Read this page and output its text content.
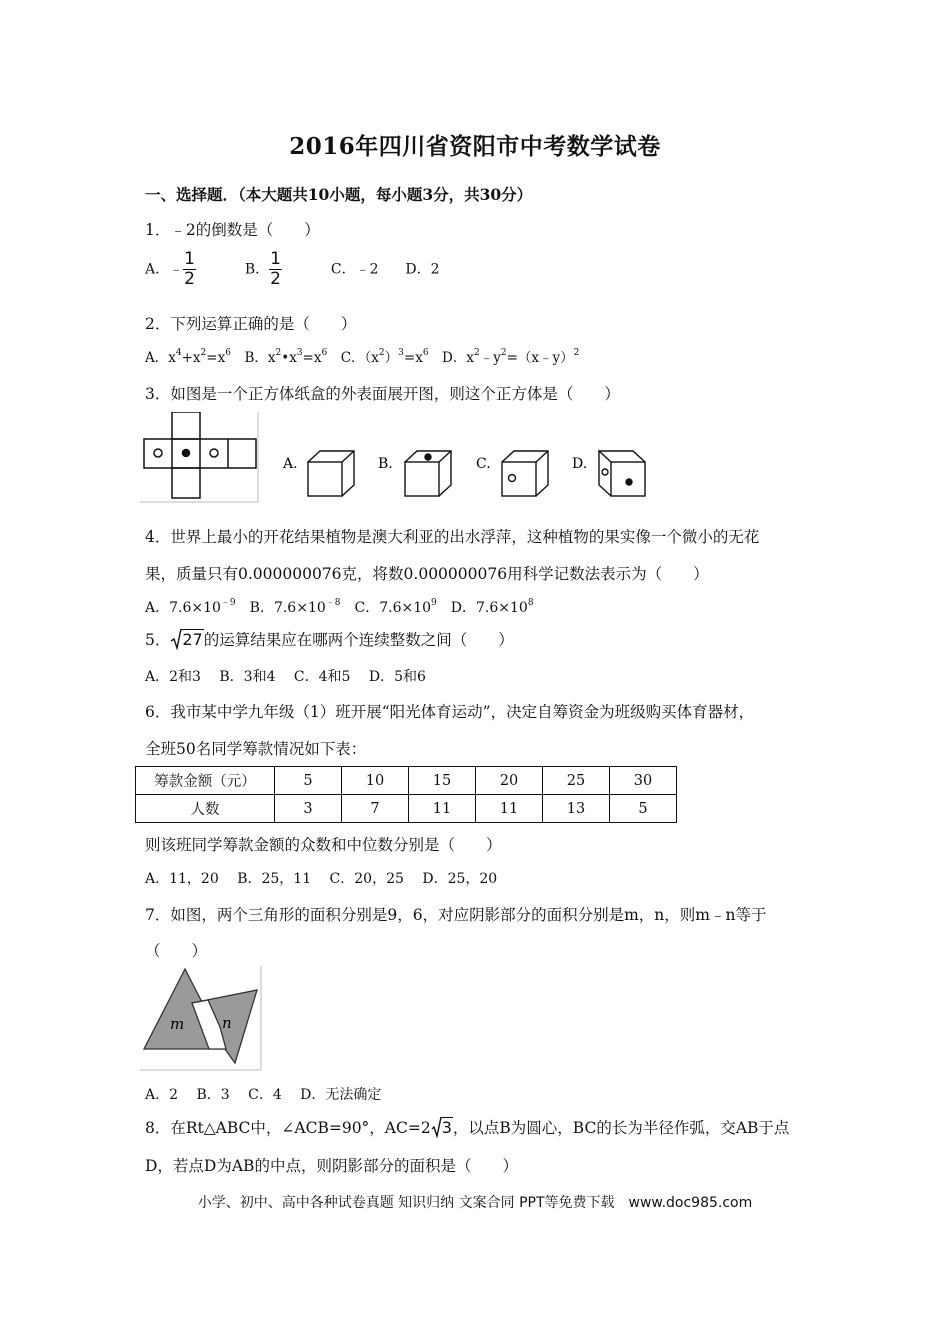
2016年四川省资阳市中考数学试卷
一、选择题．（本大题共10小题，每小题3分，共30分）
1．﹣2的倒数是（　　）
A．﹣ $\frac{1}{2}$	B． $\frac{1}{2}$	C．﹣2 D．2
2．下列运算正确的是（　　）
A．$x^4+x^2=x^6$　B．$x^2•x^3=x^6$　C．$(x^2)^3=x^6$　D．$x^2﹣y^2=(x﹣y)^2$
3．如图是一个正方体纸盒的外表面展开图，则这个正方体是（　　）
A.	B.	C.	D.
4．世界上最小的开花结果植物是澳大利亚的出水浮萍，这种植物的果实像一个微小的无花
果，质量只有0.000000076克，将数0.000000076用科学记数法表示为（　　）
A．$7.6\times 10^{﹣9}$　 B．$7.6\times 10^{﹣8}$　 C．$7.6\times 10^9$　 D．$7.6\times 10^8$
5． 27的运算结果应在哪两个连续整数之间（　　）
A．2和3　 B．3和4　 C．4和5　 D．5和6
6．我市某中学九年级（1）班开展“阳光体育运动”，决定自筹资金为班级购买体育器材，
全班50名同学筹款情况如下表：
筹款金额（元）	5	10	15	20	25	30
人数	3	7	11	11	13	5
则该班同学筹款金额的众数和中位数分别是（　　）
A．11，20　 B．25，11　 C．20，25　 D．25，20
7．如图，两个三角形的面积分别是9，6，对应阴影部分的面积分别是m，n，则m﹣n等于
（　　）
m	n
A．2　 B．3　 C．4　 D．无法确定
8．在Rt△ABC中，∠ACB=90°，AC=2 3，以点B为圆心，BC的长为半径作弧，交AB于点
D，若点D为AB的中点，则阴影部分的面积是（　　）
小学、初中、高中各种试卷真题 知识归纳 文案合同 PPT等免费下载　www.doc985.com
